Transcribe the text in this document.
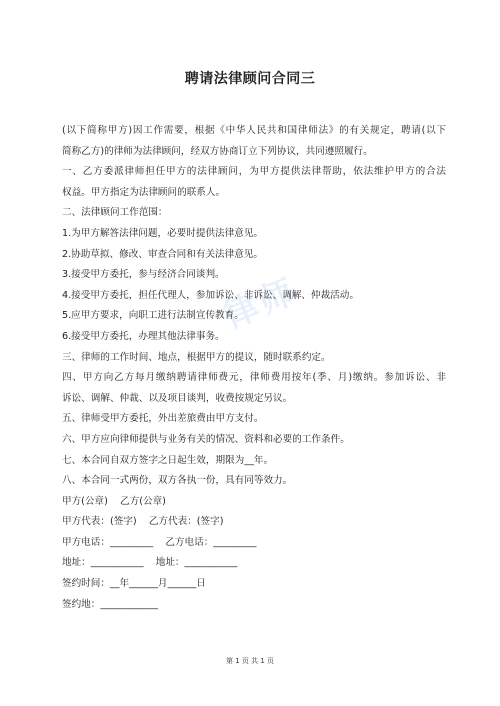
聘请法律顾问合同三
(以下简称甲方)因工作需要，根据《中华人民共和国律师法》的有关规定，聘请(以下
简称乙方)的律师为法律顾问，经双方协商订立下列协议，共同遵照履行。
一、乙方委派律师担任甲方的法律顾问，为甲方提供法律帮助，依法维护甲方的合法
权益。甲方指定为法律顾问的联系人。
二、法律顾问工作范围：
1.为甲方解答法律问题，必要时提供法律意见。
2.协助草拟、修改、审查合同和有关法律意见。
3.接受甲方委托，参与经济合同谈判。
4.接受甲方委托，担任代理人，参加诉讼、非诉讼、调解、仲裁活动。
5.应甲方要求，向职工进行法制宣传教育。
6.接受甲方委托，办理其他法律事务。
三、律师的工作时间、地点，根据甲方的提议，随时联系约定。
四、甲方向乙方每月缴纳聘请律师费元，律师费用按年(季、月)缴纳。参加诉讼、非
诉讼、调解、仲裁、以及项目谈判，收费按规定另议。
五、律师受甲方委托，外出差旅费由甲方支付。
六、甲方应向律师提供与业务有关的情况、资料和必要的工作条件。
七、本合同自双方签字之日起生效，期限为__年。
八、本合同一式两份，双方各执一份，具有同等效力。
甲方(公章)    乙方(公章)
甲方代表：(签字)    乙方代表：(签字)
甲方电话：_________    乙方电话：_________
地址：___________    地址：___________
签约时间：__年______月______日
签约地：____________
律师
第 1 页 共 1 页
